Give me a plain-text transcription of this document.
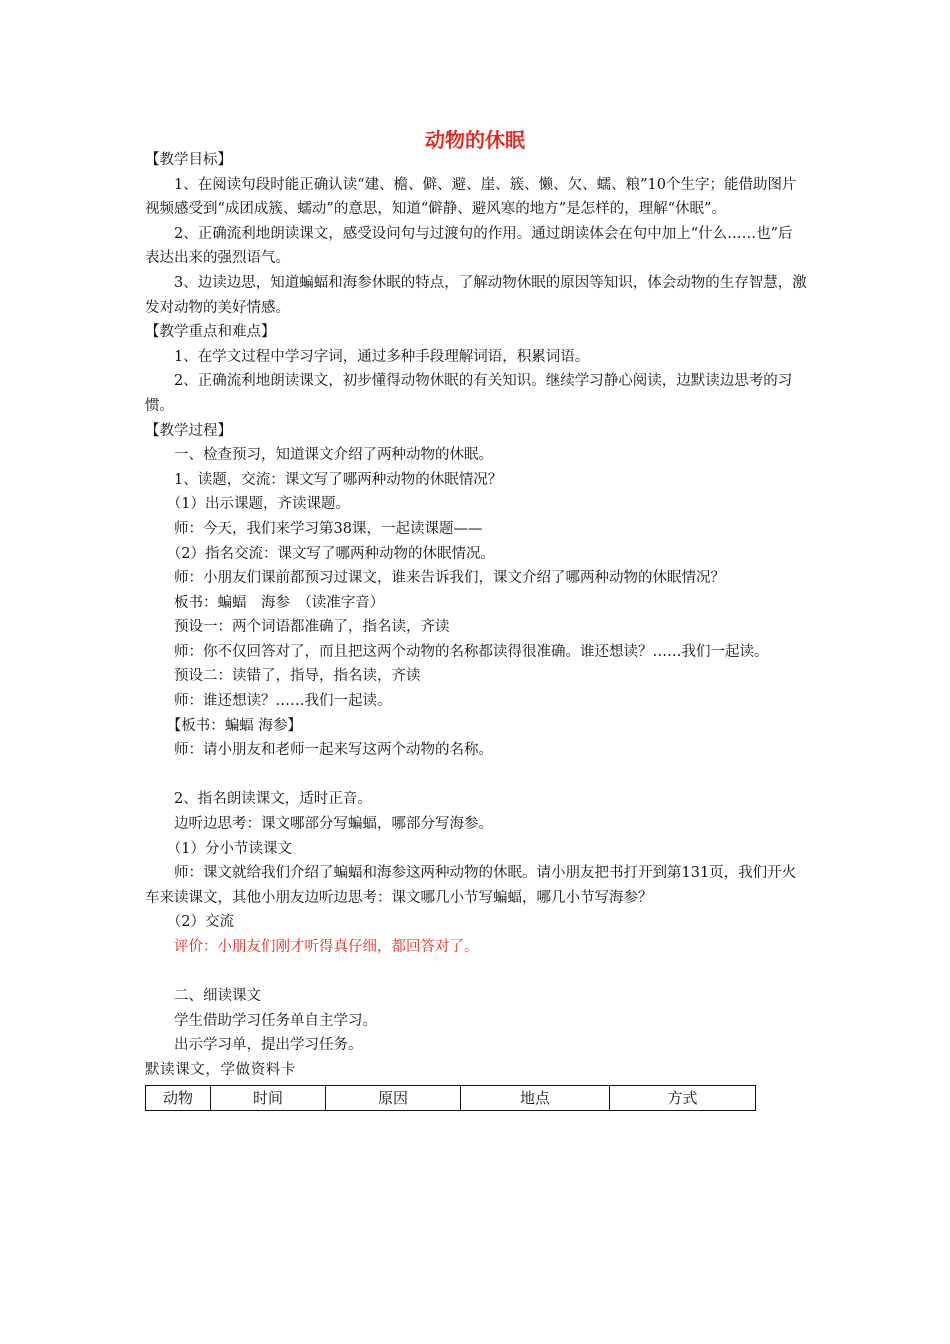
动物的休眠

【教学目标】

1、在阅读句段时能正确认读“建、檐、僻、避、崖、簇、懒、欠、蠕、粮”10个生字；能借助图片视频感受到“成团成簇、蠕动”的意思，知道“僻静、避风寒的地方”是怎样的，理解“休眠”。

2、正确流利地朗读课文，感受设问句与过渡句的作用。通过朗读体会在句中加上“什么……也”后表达出来的强烈语气。

3、边读边思，知道蝙蝠和海参休眠的特点，了解动物休眠的原因等知识，体会动物的生存智慧，激发对动物的美好情感。

【教学重点和难点】

1、在学文过程中学习字词，通过多种手段理解词语，积累词语。

2、正确流利地朗读课文，初步懂得动物休眠的有关知识。继续学习静心阅读，边默读边思考的习惯。

【教学过程】

一、检查预习，知道课文介绍了两种动物的休眠。

1、读题，交流：课文写了哪两种动物的休眠情况？

（1）出示课题，齐读课题。

师：今天，我们来学习第38课，一起读课题——

（2）指名交流：课文写了哪两种动物的休眠情况。

师：小朋友们课前都预习过课文，谁来告诉我们，课文介绍了哪两种动物的休眠情况？

板书：蝙蝠　海参　（读准字音）

预设一：两个词语都准确了，指名读，齐读

师：你不仅回答对了，而且把这两个动物的名称都读得很准确。谁还想读？……我们一起读。

预设二：读错了，指导，指名读，齐读

师：谁还想读？……我们一起读。

【板书：蝙蝠 海参】

师：请小朋友和老师一起来写这两个动物的名称。

2、指名朗读课文，适时正音。

边听边思考：课文哪部分写蝙蝠，哪部分写海参。

（1）分小节读课文

师：课文就给我们介绍了蝙蝠和海参这两种动物的休眠。请小朋友把书打开到第131页，我们开火车来读课文，其他小朋友边听边思考：课文哪几小节写蝙蝠，哪几小节写海参？

（2）交流

评价：小朋友们刚才听得真仔细，都回答对了。

二、细读课文

学生借助学习任务单自主学习。

出示学习单，提出学习任务。

默读课文，学做资料卡

动物	时间	原因	地点	方式
